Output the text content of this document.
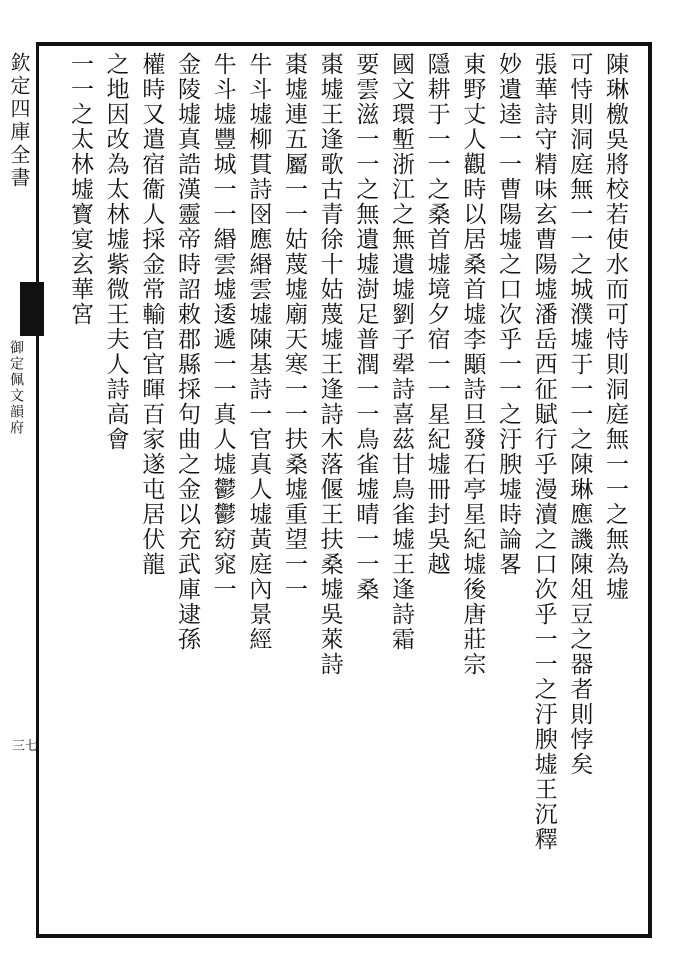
欽定四庫全書
御定佩文韻府
三七
陳琳檄吳將校若使水而可恃則洞庭無一一之無為墟
可恃則洞庭無一一之城濮墟于一一之陳琳應譏陳俎豆之器者則悖矣
張華詩守精味玄曹陽墟潘岳西征賦行乎漫瀆之口次乎一一之汙腴墟王沉釋
妙遺逵一一曹陽墟之口次乎一一之汙腴墟時論畧
東野丈人觀時以居桑首墟李顒詩旦發石亭星紀墟後唐莊宗
隱耕于一一之桑首墟境夕宿一一星紀墟冊封吳越
國文環塹浙江之無遺墟劉子翚詩喜茲甘鳥雀墟王逢詩霜
要雲滋一一之無遺墟澍足普潤一一鳥雀墟晴一一桑
棗墟王逢歌古青徐十姑蔑墟王逢詩木落偃王扶桑墟吳萊詩
棗墟連五屬一一姑蔑墟廟天寒一一扶桑墟重望一一
牛斗墟柳貫詩囹應緡雲墟陳基詩一官真人墟黃庭內景經
牛斗墟豐城一一緡雲墟逶遞一一真人墟鬱鬱窈窕一
金陵墟真誥漢靈帝時詔敕郡縣採句曲之金以充武庫逮孫
權時又遣宿衞人採金常輸官官暉百家遂屯居伏龍
之地因改為太林墟紫微王夫人詩高會
一一之太林墟寳宴玄華宮
